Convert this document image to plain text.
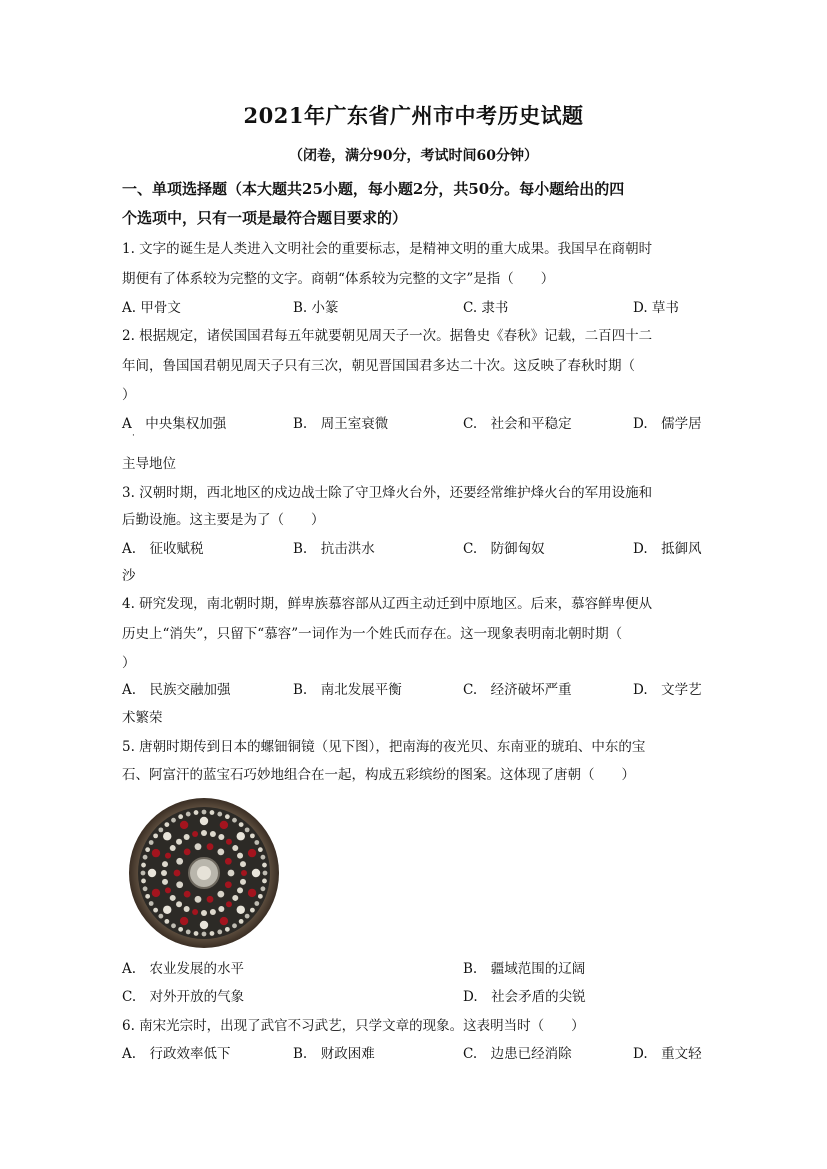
2021年广东省广州市中考历史试题
（闭卷，满分90分，考试时间60分钟）
一、单项选择题（本大题共25小题，每小题2分，共50分。每小题给出的四
个选项中，只有一项是最符合题目要求的）
1. 文字的诞生是人类进入文明社会的重要标志，是精神文明的重大成果。我国早在商朝时
期便有了体系较为完整的文字。商朝“体系较为完整的文字”是指（　　）
A. 甲骨文	B. 小篆	C. 隶书	D. 草书
2. 根据规定，诸侯国国君每五年就要朝见周天子一次。据鲁史《春秋》记载，二百四十二
年间，鲁国国君朝见周天子只有三次，朝见晋国国君多达二十次。这反映了春秋时期（
）
A　中央集权加强
·
B.　周王室衰微	C.　社会和平稳定	D.　儒学居
主导地位
3. 汉朝时期，西北地区的戍边战士除了守卫烽火台外，还要经常维护烽火台的军用设施和
后勤设施。这主要是为了（　　）
A.　征收赋税	B.　抗击洪水	C.　防御匈奴	D.　抵御风
沙
4. 研究发现，南北朝时期，鲜卑族慕容部从辽西主动迁到中原地区。后来，慕容鲜卑便从
历史上“消失”，只留下“慕容”一词作为一个姓氏而存在。这一现象表明南北朝时期（
）
A.　民族交融加强	B.　南北发展平衡	C.　经济破坏严重	D.　文学艺
术繁荣
5. 唐朝时期传到日本的螺钿铜镜（见下图），把南海的夜光贝、东南亚的琥珀、中东的宝
石、阿富汗的蓝宝石巧妙地组合在一起，构成五彩缤纷的图案。这体现了唐朝（　　）
A.　农业发展的水平	B.　疆域范围的辽阔
C.　对外开放的气象	D.　社会矛盾的尖锐
6. 南宋光宗时，出现了武官不习武艺，只学文章的现象。这表明当时（　　）
A.　行政效率低下	B.　财政困难	C.　边患已经消除	D.　重文轻
